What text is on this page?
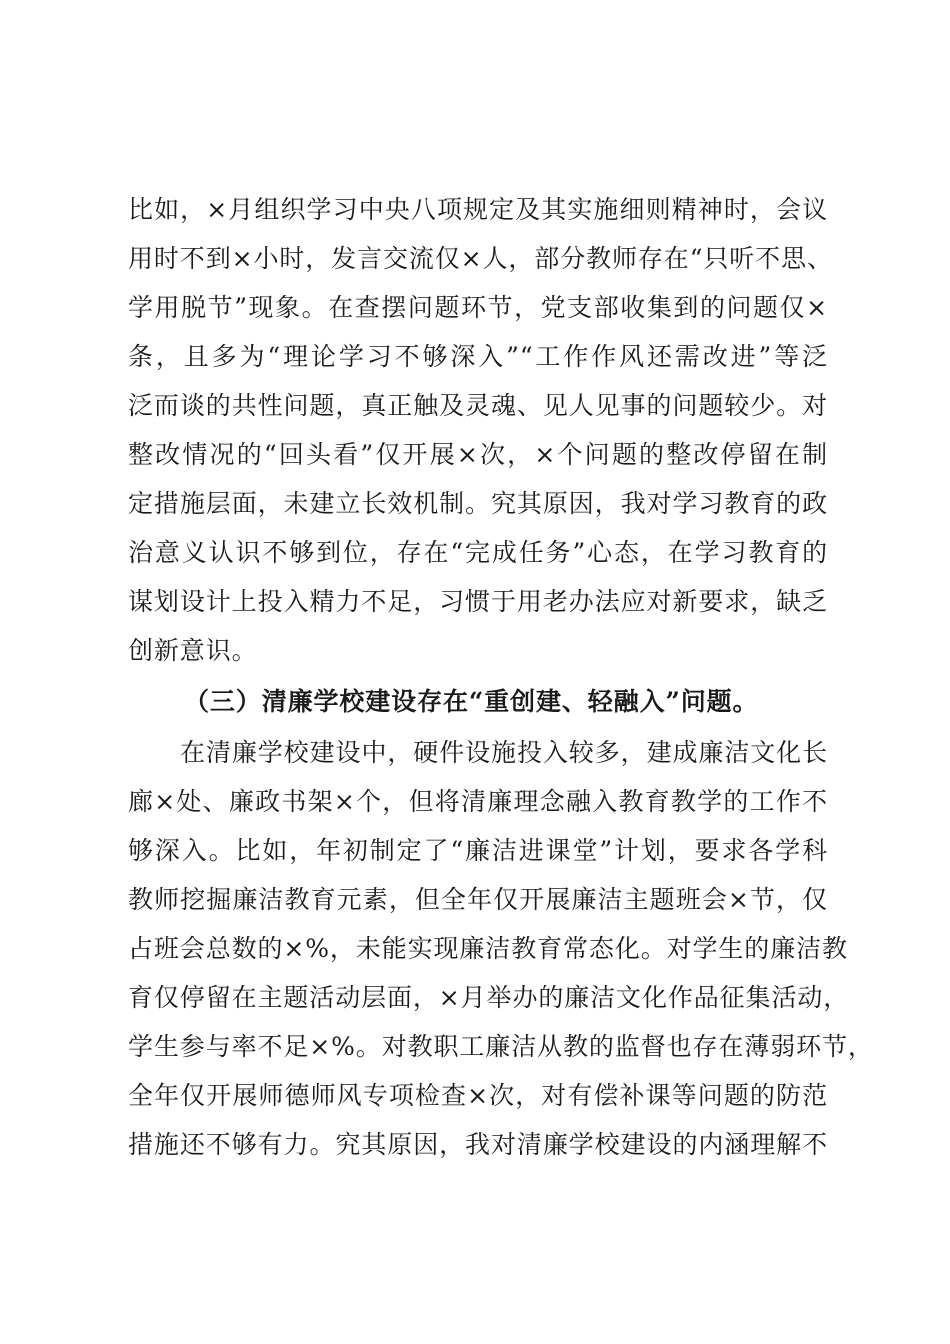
比如，×月组织学习中央八项规定及其实施细则精神时，会议
用时不到×小时，发言交流仅×人，部分教师存在“只听不思、
学用脱节”现象。在查摆问题环节，党支部收集到的问题仅×
条，且多为“理论学习不够深入”“工作作风还需改进”等泛
泛而谈的共性问题，真正触及灵魂、见人见事的问题较少。对
整改情况的“回头看”仅开展×次，×个问题的整改停留在制
定措施层面，未建立长效机制。究其原因，我对学习教育的政
治意义认识不够到位，存在“完成任务”心态，在学习教育的
谋划设计上投入精力不足，习惯于用老办法应对新要求，缺乏
创新意识。
（三）清廉学校建设存在“重创建、轻融入”问题。
在清廉学校建设中，硬件设施投入较多，建成廉洁文化长
廊×处、廉政书架×个，但将清廉理念融入教育教学的工作不
够深入。比如，年初制定了“廉洁进课堂”计划，要求各学科
教师挖掘廉洁教育元素，但全年仅开展廉洁主题班会×节，仅
占班会总数的×%，未能实现廉洁教育常态化。对学生的廉洁教
育仅停留在主题活动层面，×月举办的廉洁文化作品征集活动，
学生参与率不足×%。对教职工廉洁从教的监督也存在薄弱环节，
全年仅开展师德师风专项检查×次，对有偿补课等问题的防范
措施还不够有力。究其原因，我对清廉学校建设的内涵理解不
